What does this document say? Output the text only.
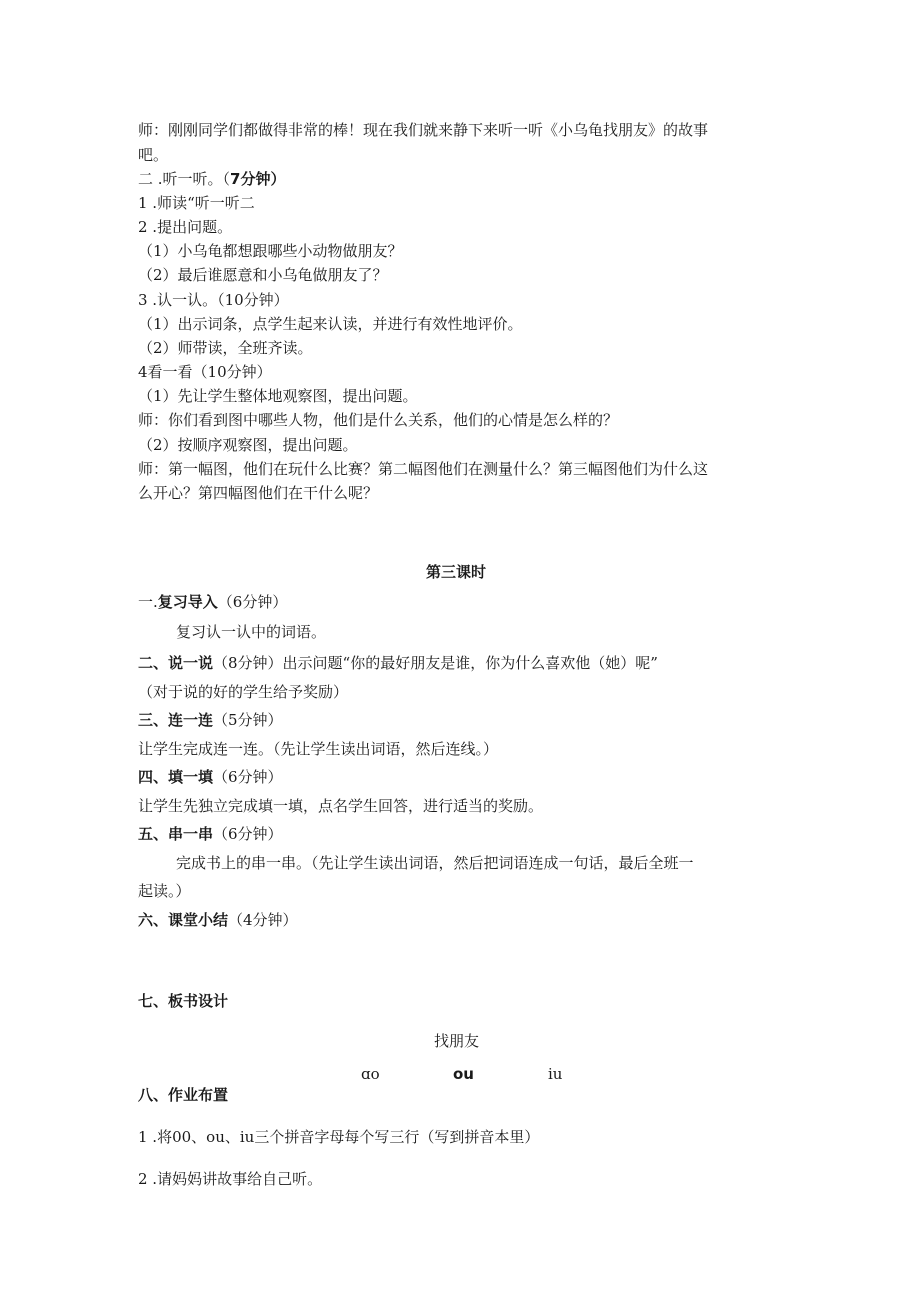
师：刚刚同学们都做得非常的棒！现在我们就来静下来听一听《小乌龟找朋友》的故事
吧。
二 .听一听。（7分钟）
1 .师读“听一听二
2 .提出问题。
（1）小乌龟都想跟哪些小动物做朋友？
（2）最后谁愿意和小乌龟做朋友了？
3 .认一认。（10分钟）
（1）出示词条，点学生起来认读，并进行有效性地评价。
（2）师带读，全班齐读。
4看一看（10分钟）
（1）先让学生整体地观察图，提出问题。
师：你们看到图中哪些人物，他们是什么关系，他们的心情是怎么样的？
（2）按顺序观察图，提出问题。
师：第一幅图，他们在玩什么比赛？第二幅图他们在测量什么？第三幅图他们为什么这
么开心？第四幅图他们在干什么呢？
第三课时
一.复习导入（6分钟）
复习认一认中的词语。
二、说一说（8分钟）出示问题“你的最好朋友是谁，你为什么喜欢他（她）呢”
（对于说的好的学生给予奖励）
三、连一连（5分钟）
让学生完成连一连。（先让学生读出词语，然后连线。）
四、填一填（6分钟）
让学生先独立完成填一填，点名学生回答，进行适当的奖励。
五、串一串（6分钟）
完成书上的串一串。（先让学生读出词语，然后把词语连成一句话，最后全班一
起读。）
六、课堂小结（4分钟）
七、板书设计
找朋友
ɑo	ou	iu
八、作业布置
1 .将00、ou、iu三个拼音字母每个写三行（写到拼音本里）
2 .请妈妈讲故事给自己听。
